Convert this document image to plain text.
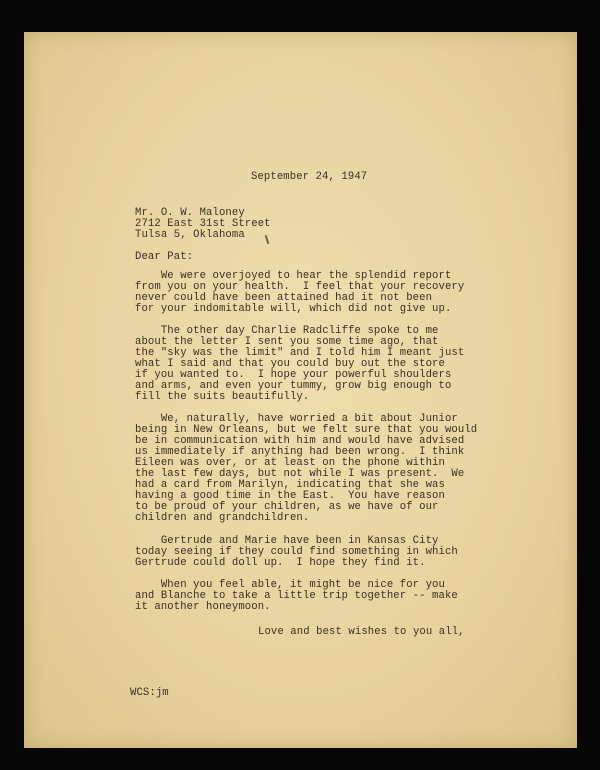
September 24, 1947
Mr. O. W. Maloney
2712 East 31st Street
Tulsa 5, Oklahoma
Dear Pat:
We were overjoyed to hear the splendid report
from you on your health.  I feel that your recovery
never could have been attained had it not been
for your indomitable will, which did not give up.
The other day Charlie Radcliffe spoke to me
about the letter I sent you some time ago, that
the "sky was the limit" and I told him I meant just
what I said and that you could buy out the store
if you wanted to.  I hope your powerful shoulders
and arms, and even your tummy, grow big enough to
fill the suits beautifully.
We, naturally, have worried a bit about Junior
being in New Orleans, but we felt sure that you would
be in communication with him and would have advised
us immediately if anything had been wrong.  I think
Eileen was over, or at least on the phone within
the last few days, but not while I was present.  We
had a card from Marilyn, indicating that she was
having a good time in the East.  You have reason
to be proud of your children, as we have of our
children and grandchildren.
Gertrude and Marie have been in Kansas City
today seeing if they could find something in which
Gertrude could doll up.  I hope they find it.
When you feel able, it might be nice for you
and Blanche to take a little trip together -- make
it another honeymoon.
Love and best wishes to you all,
WCS:jm
